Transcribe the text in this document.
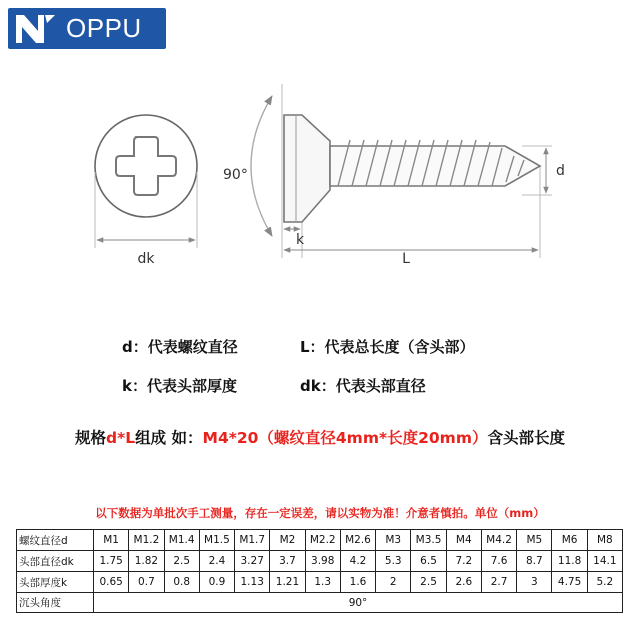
OPPU
dk
90°
k
L
d
d：代表螺纹直径	L：代表总长度（含头部）
k：代表头部厚度	dk：代表头部直径
规格d*L组成 如：M4*20（螺纹直径4mm*长度20mm）含头部长度
以下数据为单批次手工测量，存在一定误差，请以实物为准！介意者慎拍。单位（mm）
螺纹直径d	M1	M1.2	M1.4	M1.5	M1.7	M2	M2.2	M2.6	M3	M3.5	M4	M4.2	M5	M6	M8
头部直径dk	1.75	1.82	2.5	2.4	3.27	3.7	3.98	4.2	5.3	6.5	7.2	7.6	8.7	11.8	14.1
头部厚度k	0.65	0.7	0.8	0.9	1.13	1.21	1.3	1.6	2	2.5	2.6	2.7	3	4.75	5.2
沉头角度	90°														
